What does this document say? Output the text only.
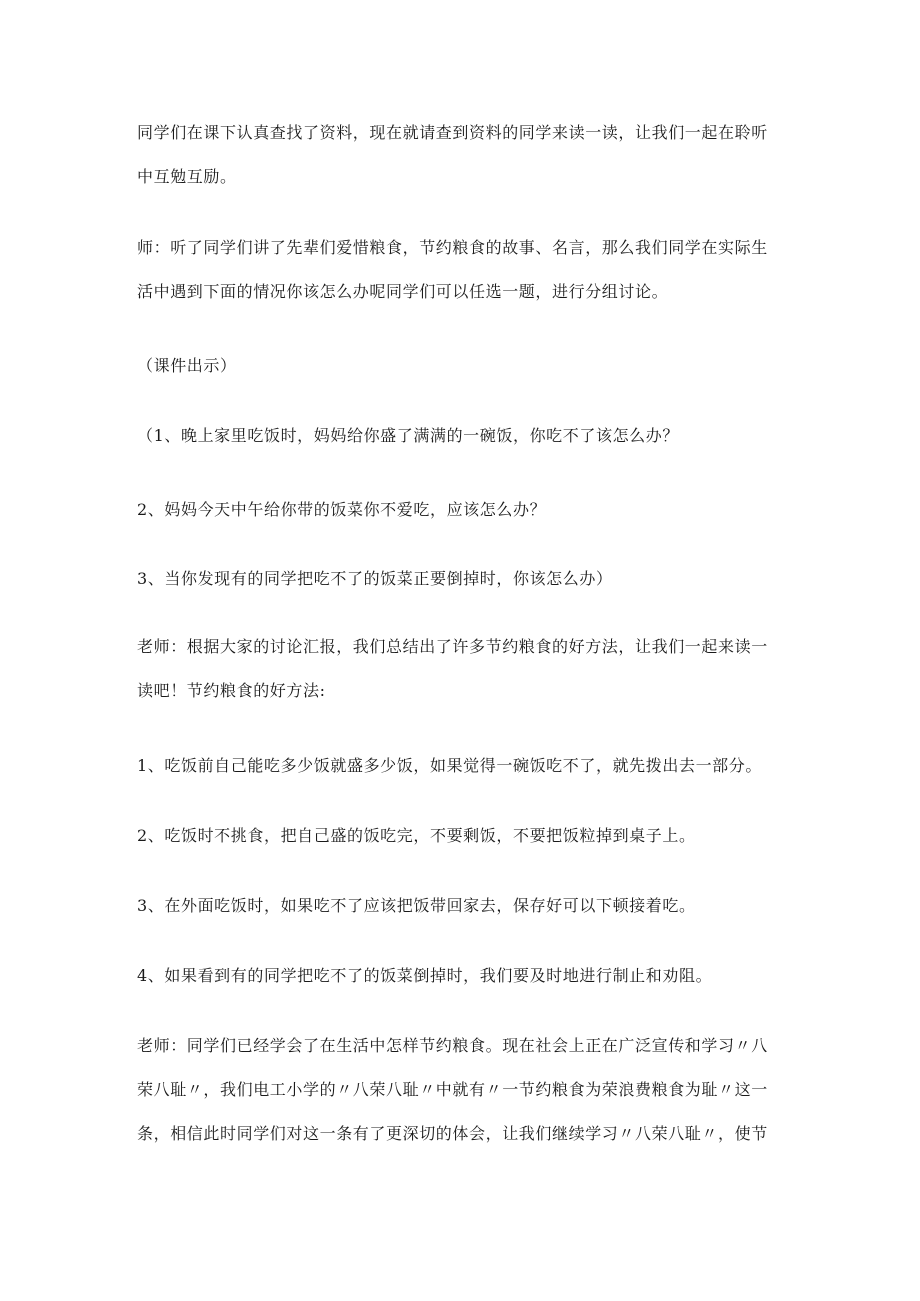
同学们在课下认真查找了资料，现在就请查到资料的同学来读一读，让我们一起在聆听
中互勉互励。

师：听了同学们讲了先辈们爱惜粮食，节约粮食的故事、名言，那么我们同学在实际生
活中遇到下面的情况你该怎么办呢同学们可以任选一题，进行分组讨论。

（课件出示）

（1、晚上家里吃饭时，妈妈给你盛了满满的一碗饭，你吃不了该怎么办？

2、妈妈今天中午给你带的饭菜你不爱吃，应该怎么办？

3、当你发现有的同学把吃不了的饭菜正要倒掉时，你该怎么办）

老师：根据大家的讨论汇报，我们总结出了许多节约粮食的好方法，让我们一起来读一
读吧！节约粮食的好方法:

1、吃饭前自己能吃多少饭就盛多少饭，如果觉得一碗饭吃不了，就先拨出去一部分。

2、吃饭时不挑食，把自己盛的饭吃完，不要剩饭，不要把饭粒掉到桌子上。

3、在外面吃饭时，如果吃不了应该把饭带回家去，保存好可以下顿接着吃。

4、如果看到有的同学把吃不了的饭菜倒掉时，我们要及时地进行制止和劝阻。

老师：同学们已经学会了在生活中怎样节约粮食。现在社会上正在广泛宣传和学习〃八
荣八耻〃，我们电工小学的〃八荣八耻〃中就有〃一节约粮食为荣浪费粮食为耻〃这一
条，相信此时同学们对这一条有了更深切的体会，让我们继续学习〃八荣八耻〃，使节
